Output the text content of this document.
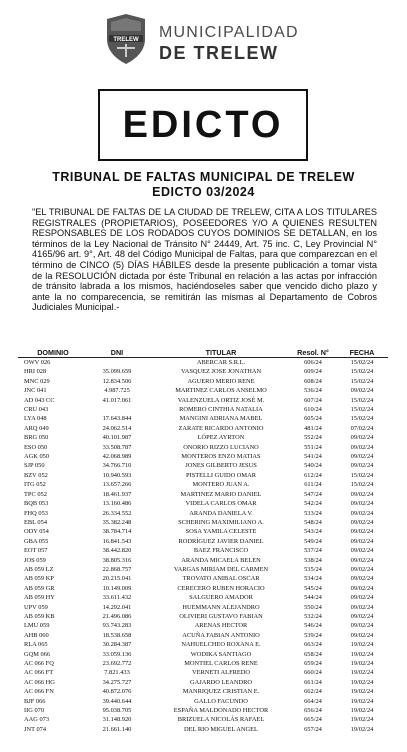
TRELEW MUNICIPALIDAD
DE TRELEW
EDICTO
TRIBUNAL DE FALTAS MUNICIPAL DE TRELEW
EDICTO 03/2024

"EL TRIBUNAL DE FALTAS DE LA CIUDAD DE TRELEW, CITA A LOS TITULARES REGISTRALES (PROPIETARIOS), POSEEDORES Y/O A QUIENES RESULTEN RESPONSABLES DE LOS RODADOS CUYOS DOMINIOS SE DETALLAN, en los términos de la Ley Nacional de Tránsito N° 24449, Art. 75 inc. C, Ley Provincial N° 4165/96 art. 9°, Art. 48 del Código Municipal de Faltas, para que comparezcan en el término de CINCO (5) DÍAS HÁBILES desde la presente publicación a tomar vista de la RESOLUCIÓN dictada por éste Tribunal en relación a las actas por infracción de tránsito labrada a los mismos, haciéndoseles saber que vencido dicho plazo y ante la no comparecencia, se remitirán las mismas al Departamento de Cobros Judiciales Municipal.-

DOMINIO	DNI	TITULAR	Resol. N°	FECHA
OWV 026		ABERCAR S.R.L.	606/24	15/02/24
HRI 028	35.099.659	VASQUEZ JOSE JONATHAN	609/24	15/02/24
MNC 029	12.834.506	AGUERO MERIO RENE	608/24	15/02/24
JNC 041	4.987.725	MARTINEZ CARLOS ANSELMO	536/24	09/02/24
AD 043 CC	41.017.061	VALENZUELA ORTIZ JOSÉ M.	607/24	15/02/24
CRU 043		ROMERO CINTHIA NATALIA	610/24	15/02/24
LYA 048	17.643.844	MANGINI ADRIANA MABEL	605/24	15/02/24
ARQ 049	24.062.514	ZARATE RICARDO ANTONIO	481/24	07/02/24
BRG 050	40.101.987	LÓPEZ AYRTON	552/24	09/02/24
ESO 050	33.508.787	ONORIO RIZZO LUCIANO	551/24	09/02/24
AGK 050	42.068.989	MONTEROS ENZO MATIAS	541/24	09/02/24
SJP 050	34.766.710	JONES GILBERTO JESUS	540/24	09/02/24
BZV 052	10.940.593	PISTELLI GUIDO OMAR	612/24	15/02/24
ITG 052	13.657.266	MONTERO JUAN A.	611/24	15/02/24
TPC 052	18.461.937	MARTINEZ MARIO DANIEL	547/24	09/02/24
BQB 053	13.160.486	VIDELA CARLOS OMAR	542/24	09/02/24
FHQ 053	26.334.552	ARANDA DANIELA V.	533/24	09/02/24
EBL 054	35.382.248	SCHERING MAXIMILIANO A.	548/24	09/02/24
ODY 054	38.784.714	SOSA YAMILA CELESTE	543/24	09/02/24
GBA 055	16.841.543	RODRÍGUEZ JAVIER DANIEL	549/24	09/02/24
EOT 057	38.442.820	BAEZ FRANCISCO	537/24	09/02/24
JOS 059	38.805.316	ARANDA MICAELA BELEN	538/24	09/02/24
AB 059 LZ	22.868.757	VARGAS MIRIAM DEL CARMEN	535/24	09/02/24
AB 059 KP	20.215.041	TROVATO ANIBAL OSCAR	534/24	09/02/24
AB 059 GR	10.149.009	CERECERO RUBEN HORACIO	545/24	09/02/24
AB 059 HY	33.611.432	SALGUERO AMADOR	544/24	09/02/24
UPV 059	14.292.041	HUEMMANN ALEJANDRO	550/24	09/02/24
AB 059 KB	21.496.086	OLIVIERI GUSTAVO FABIAN	532/24	09/02/24
LMU 059	93.743.283	ARENAS HECTOR	546/24	09/02/24
AHB 060	18.538.658	ACUÑA FABIAN ANTONIO	539/24	09/02/24
RLA 065	30.284.387	NAHUELCHEO ROXANA E.	663/24	19/02/24
GQM 066	33.059.136	WODIKA SANTIAGO	658/24	19/02/24
AC 066 FQ	23.692.772	MONTIEL CARLOS RENE	659/24	19/02/24
AC 066 FT	7.821.433	VERNETI ALFREDO	660/24	19/02/24
AC 066 HG	34.275.727	GAJARDO LEANDRO	661/24	19/02/24
AC 066 FN	40.872.076	MANRIQUEZ CRISTIAN E.	662/24	19/02/24
BJF 066	39.440.644	GALLO FACUNDO	664/24	19/02/24
IIG 070	95.038.705	ESPAÑA MALDONADO HECTOR	656/24	19/02/24
AAG 073	31.148.920	BRIZUELA NICOLÁS RAFAEL	665/24	19/02/24
JNT 074	21.661.140	DEL RIO MIGUEL ANGEL	657/24	19/02/24
